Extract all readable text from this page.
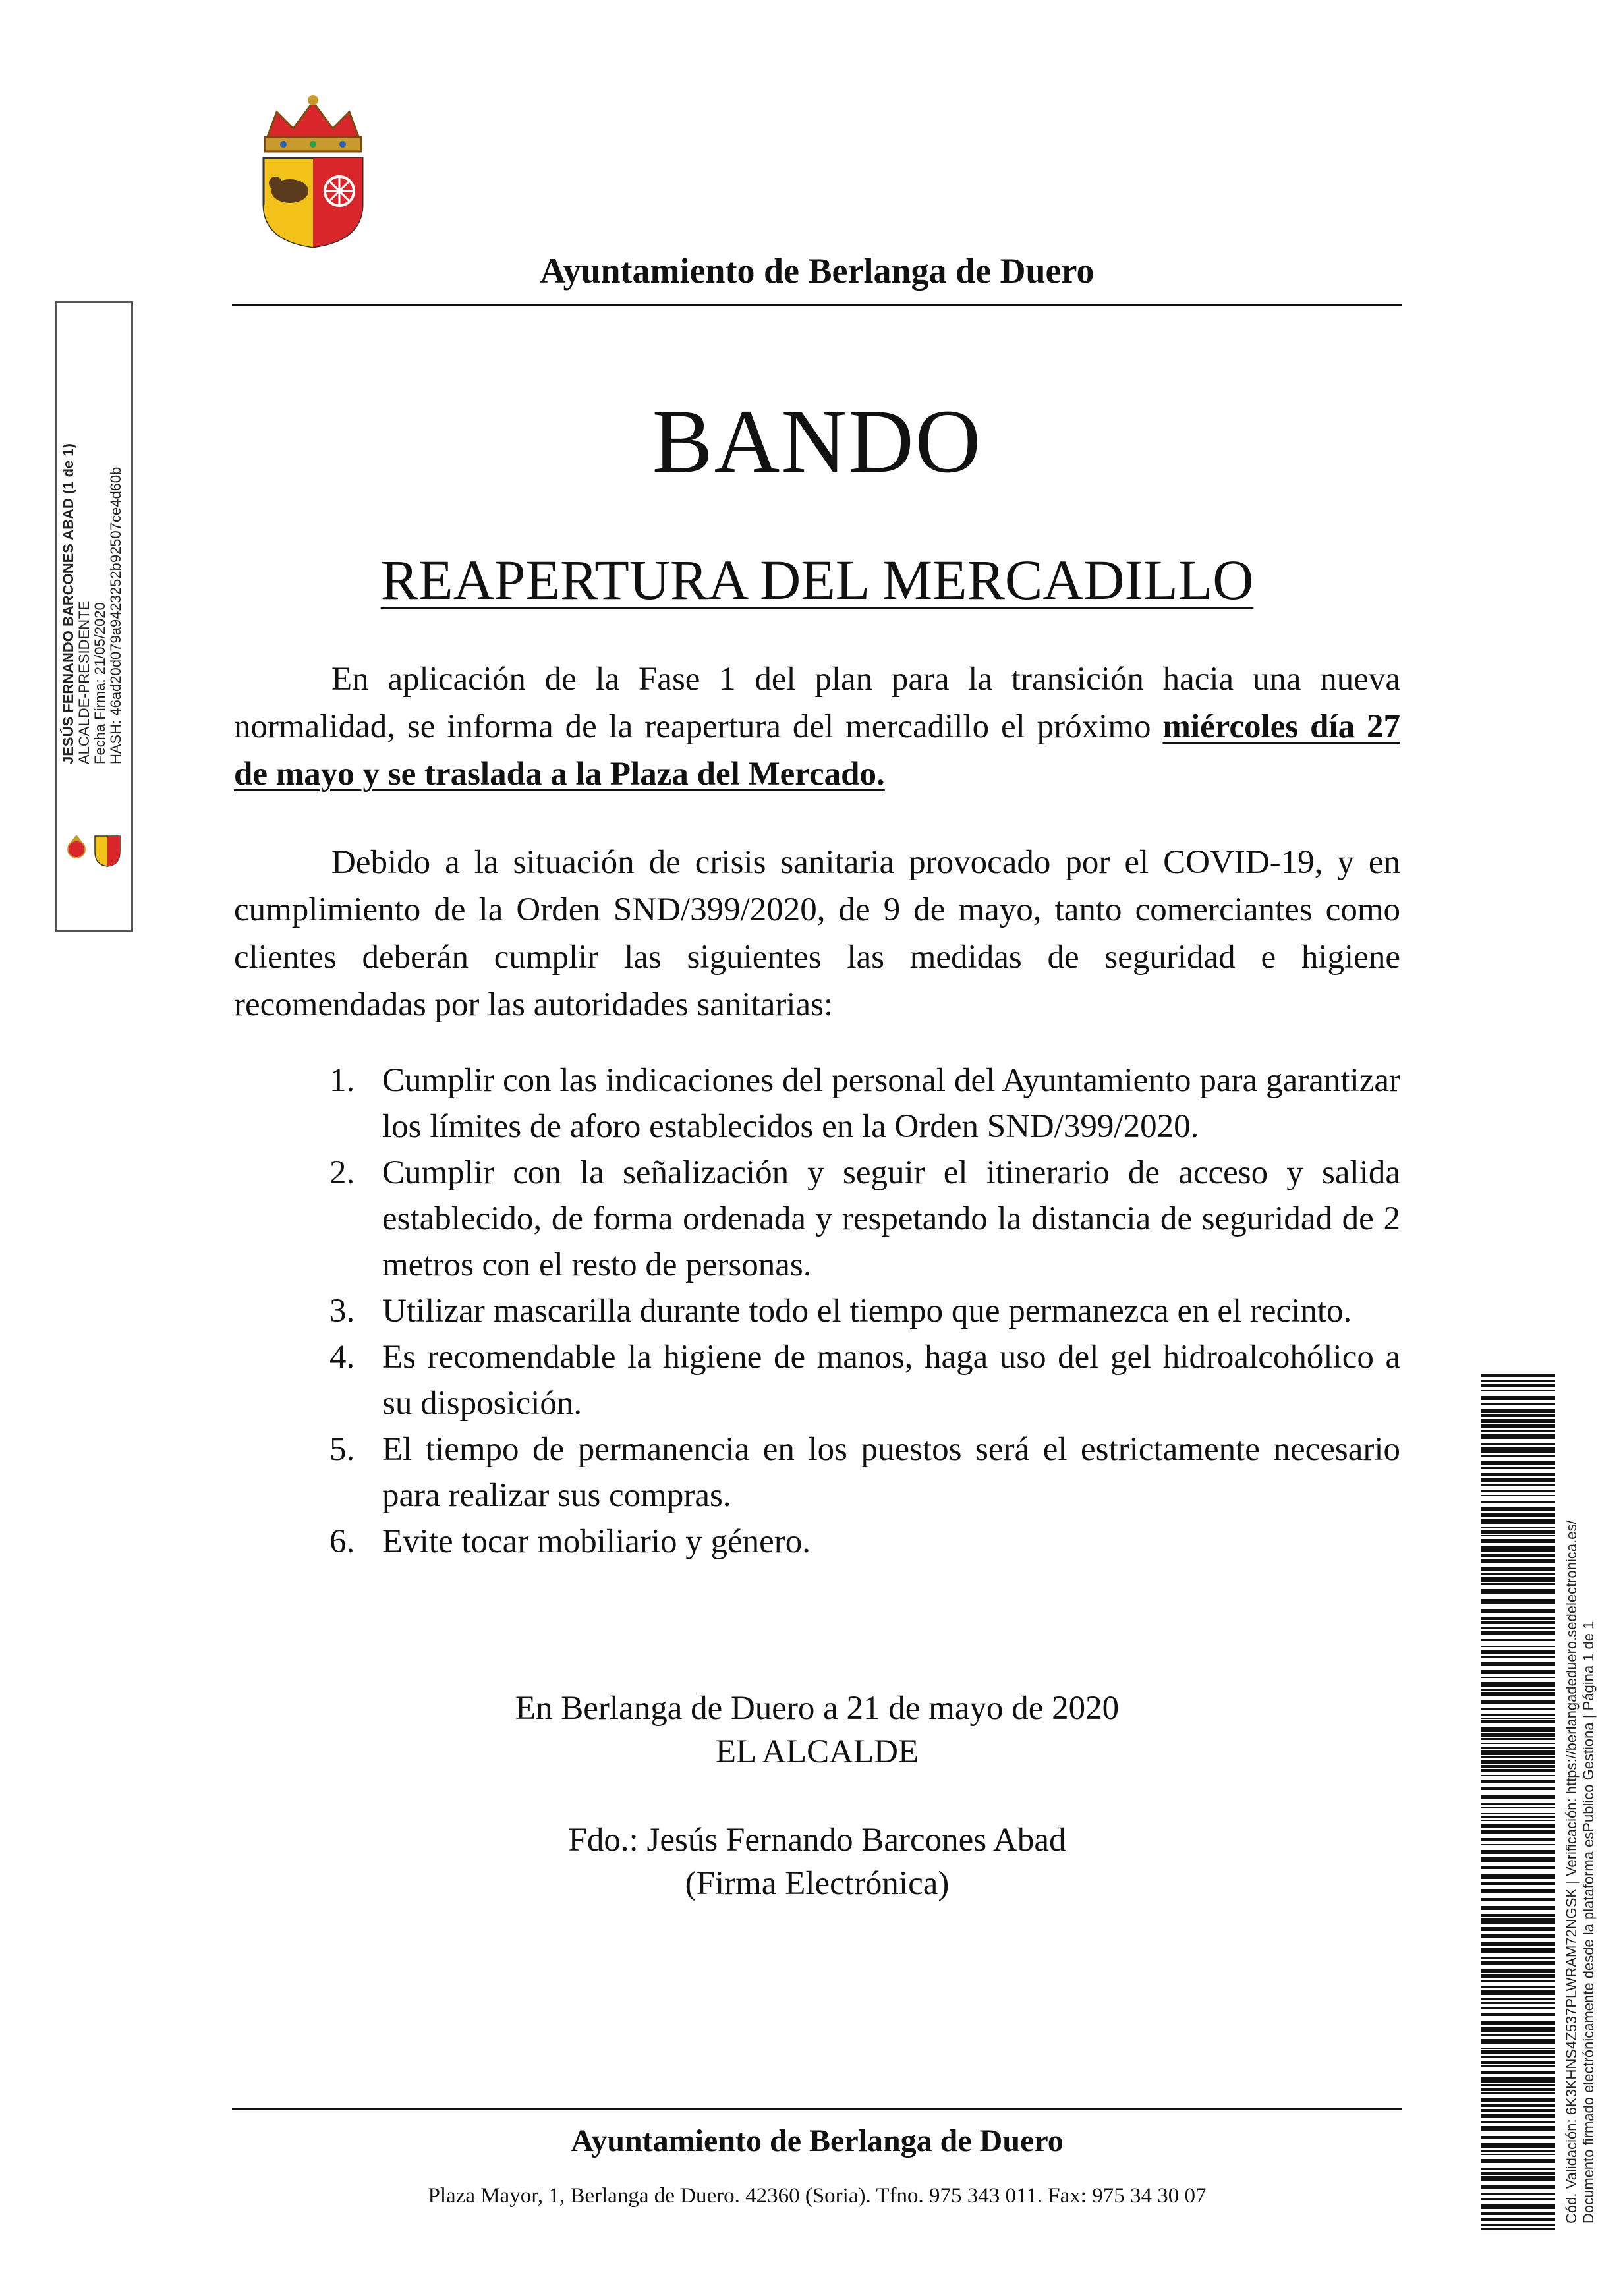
Ayuntamiento de Berlanga de Duero
BANDO
REAPERTURA DEL MERCADILLO

En aplicación de la Fase 1 del plan para la transición hacia una nueva normalidad, se informa de la reapertura del mercadillo el próximo miércoles día 27 de mayo y se traslada a la Plaza del Mercado.

Debido a la situación de crisis sanitaria provocado por el COVID-19, y en cumplimiento de la Orden SND/399/2020, de 9 de mayo, tanto comerciantes como clientes deberán cumplir las siguientes las medidas de seguridad e higiene recomendadas por las autoridades sanitarias:

1. Cumplir con las indicaciones del personal del Ayuntamiento para garantizar los límites de aforo establecidos en la Orden SND/399/2020.
2. Cumplir con la señalización y seguir el itinerario de acceso y salida establecido, de forma ordenada y respetando la distancia de seguridad de 2 metros con el resto de personas.
3. Utilizar mascarilla durante todo el tiempo que permanezca en el recinto.
4. Es recomendable la higiene de manos, haga uso del gel hidroalcohólico a su disposición.
5. El tiempo de permanencia en los puestos será el estrictamente necesario para realizar sus compras.
6. Evite tocar mobiliario y género.
En Berlanga de Duero a 21 de mayo de 2020
EL ALCALDE
Fdo.: Jesús Fernando Barcones Abad
(Firma Electrónica)
Ayuntamiento de Berlanga de Duero
Plaza Mayor, 1, Berlanga de Duero. 42360 (Soria). Tfno. 975 343 011. Fax: 975 34 30 07
JESÚS FERNANDO BARCONES ABAD (1 de 1) ALCALDE-PRESIDENTE Fecha Firma: 21/05/2020 HASH: 46ad20d079a9423252b92507ce4d60b
Cód. Validación: 6K3KHNS4Z537PLWRAM72NGSK | Verificación: https://berlangadeduero.sedelectronica.es/ Documento firmado electrónicamente desde la plataforma esPublico Gestiona | Página 1 de 1
